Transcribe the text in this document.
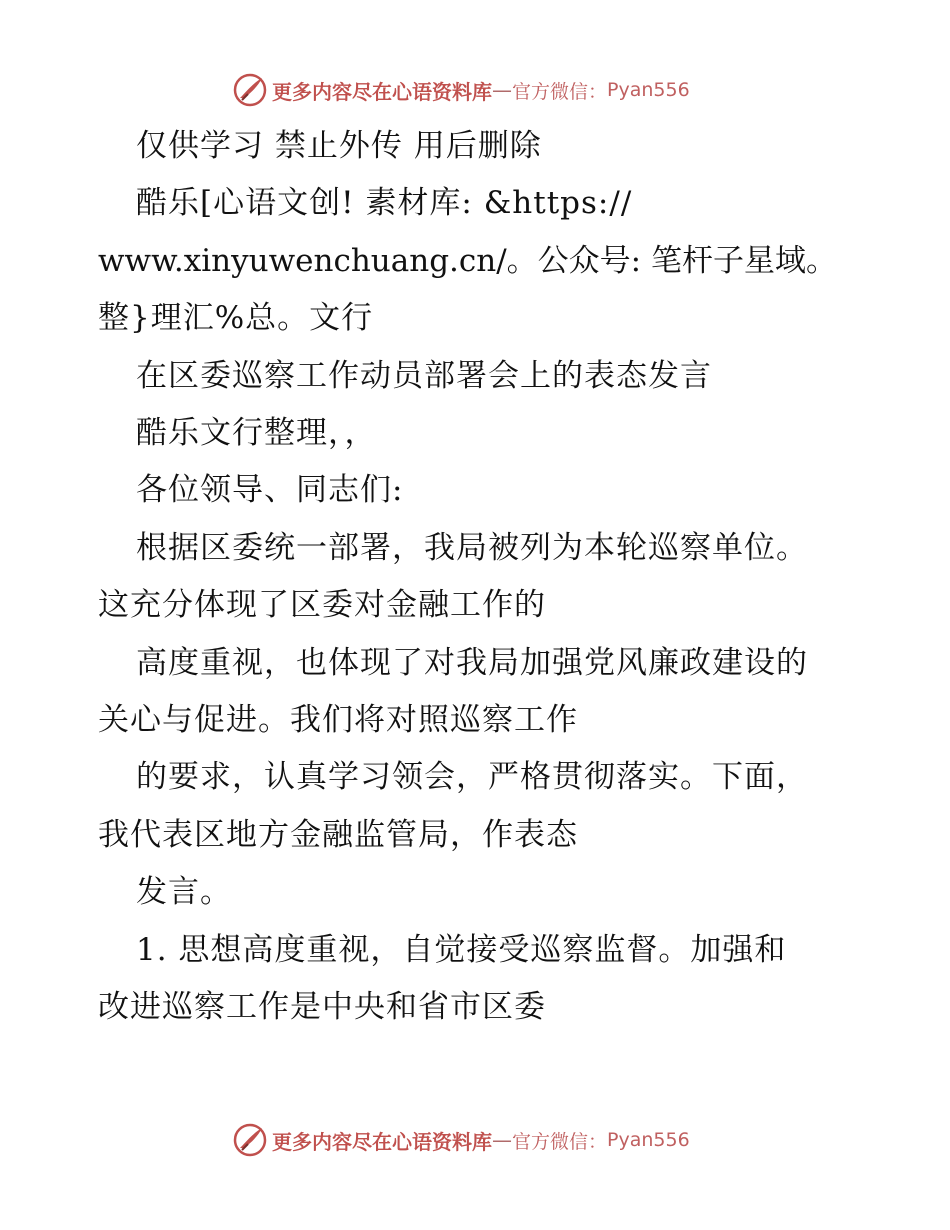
更多内容尽在心语资料库 — 官方微信： Pyan556

仅供学习 禁止外传 用后删除

酷乐[心语文创! 素材库: &https://

www.xinyuwenchuang.cn/。公众号: 笔杆子星域。

整}理汇%总。文行

在区委巡察工作动员部署会上的表态发言

酷乐文行整理，，

各位领导、同志们:

根据区委统一部署，我局被列为本轮巡察单位。

这充分体现了区委对金融工作的

高度重视，也体现了对我局加强党风廉政建设的

关心与促进。我们将对照巡察工作

的要求，认真学习领会，严格贯彻落实。下面，

我代表区地方金融监管局，作表态

发言。

1. 思想高度重视，自觉接受巡察监督。加强和

改进巡察工作是中央和省市区委

更多内容尽在心语资料库 — 官方微信： Pyan556
